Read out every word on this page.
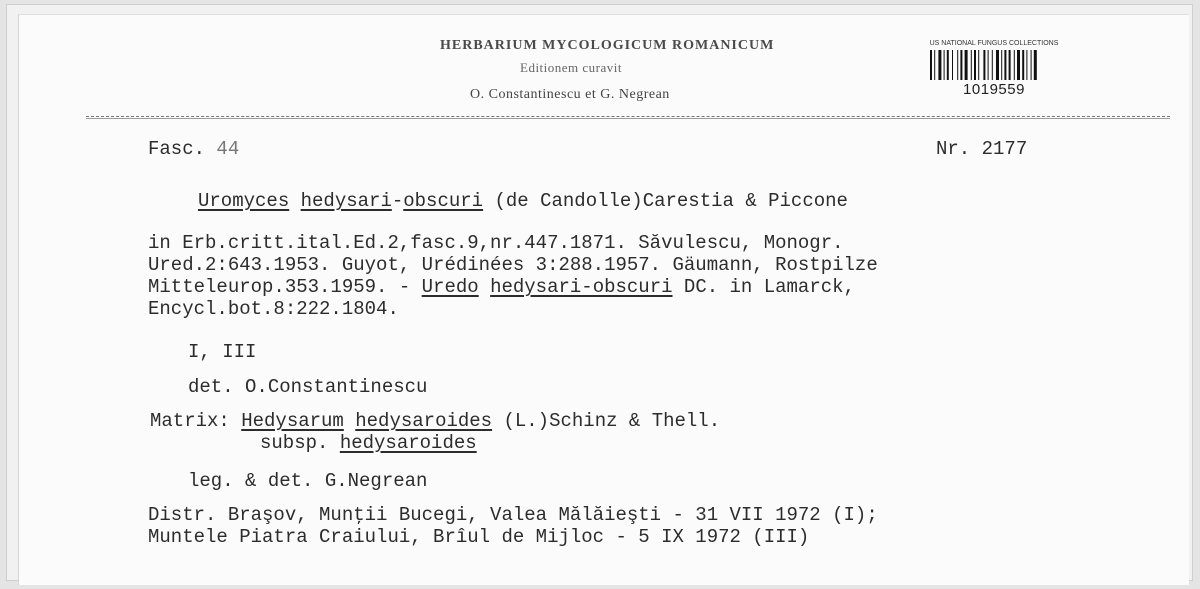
HERBARIUM MYCOLOGICUM ROMANICUM
Editionem curavit
O. Constantinescu et G. Negrean
US NATIONAL FUNGUS COLLECTIONS
1019559
Fasc. 44	Nr. 2177
Uromyces hedysari-obscuri (de Candolle)Carestia & Piccone
in Erb.critt.ital.Ed.2,fasc.9,nr.447.1871. Săvulescu, Monogr.
Ured.2:643.1953. Guyot, Urédinées 3:288.1957. Gäumann, Rostpilze
Mitteleurop.353.1959. - Uredo hedysari-obscuri DC. in Lamarck,
Encycl.bot.8:222.1804.
I, III
det. O.Constantinescu
Matrix: Hedysarum hedysaroides (L.)Schinz & Thell.
subsp. hedysaroides
leg. & det. G.Negrean
Distr. Braşov, Munţii Bucegi, Valea Mălăieşti - 31 VII 1972 (I);
Muntele Piatra Craiului, Brîul de Mijloc - 5 IX 1972 (III)
